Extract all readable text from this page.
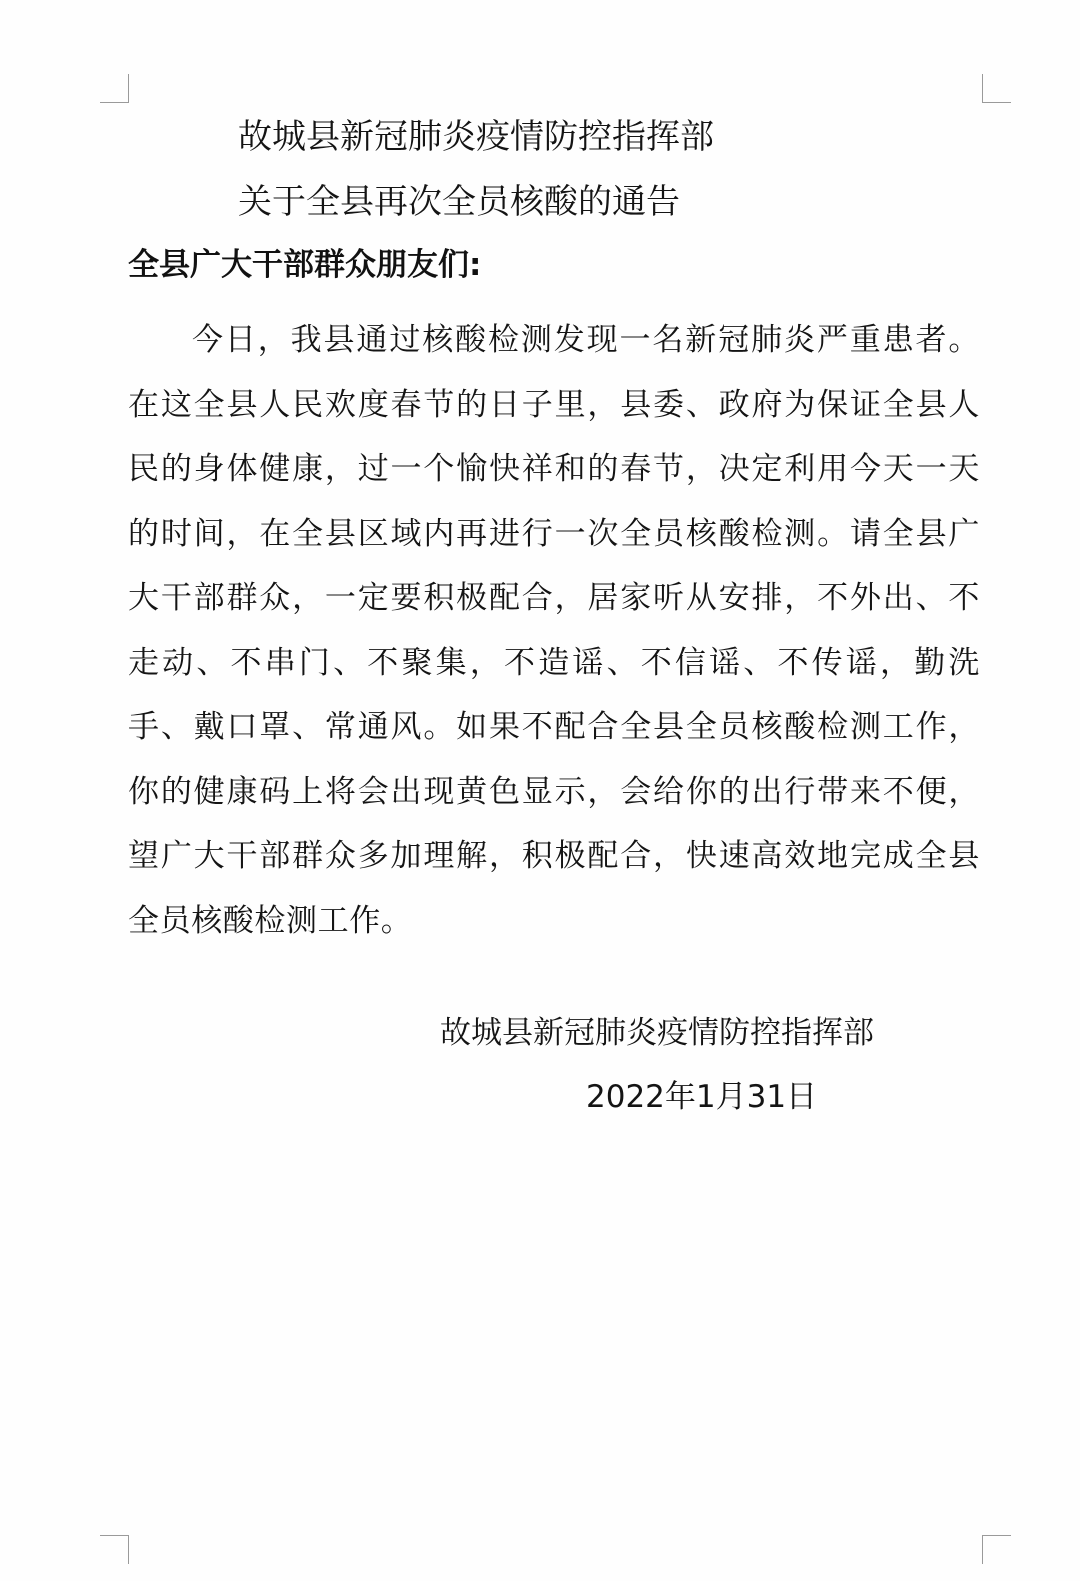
故城县新冠肺炎疫情防控指挥部
关于全县再次全员核酸的通告
全县广大干部群众朋友们:
今日，我县通过核酸检测发现一名新冠肺炎严重患者。在这全县人民欢度春节的日子里，县委、政府为保证全县人民的身体健康，过一个愉快祥和的春节，决定利用今天一天的时间，在全县区域内再进行一次全员核酸检测。请全县广大干部群众，一定要积极配合，居家听从安排，不外出、不走动、不串门、不聚集，不造谣、不信谣、不传谣，勤洗手、戴口罩、常通风。如果不配合全县全员核酸检测工作，你的健康码上将会出现黄色显示，会给你的出行带来不便，望广大干部群众多加理解，积极配合，快速高效地完成全县全员核酸检测工作。
故城县新冠肺炎疫情防控指挥部
2022年1月31日
